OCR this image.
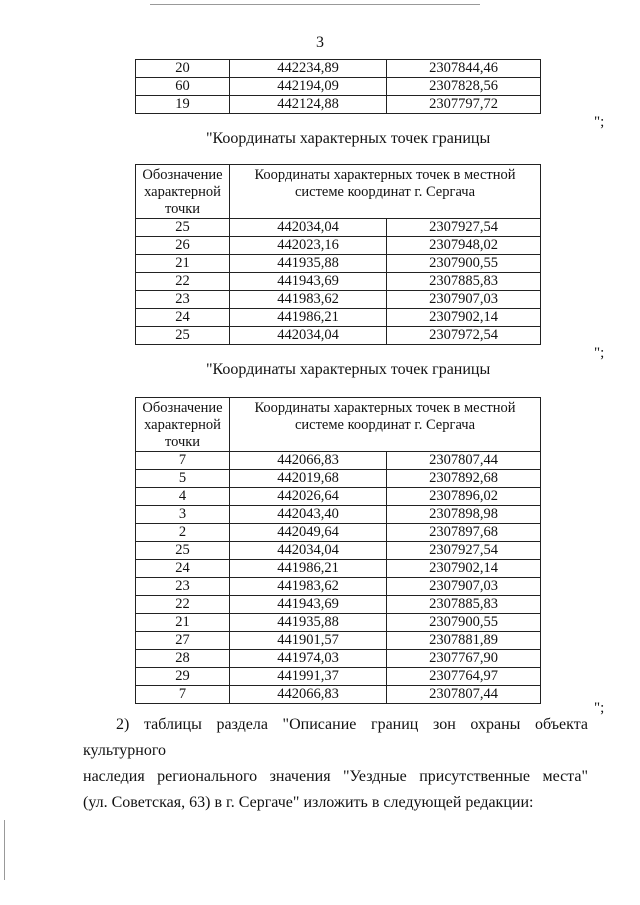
3
20	442234,89	2307844,46
60	442194,09	2307828,56
19	442124,88	2307797,72
";
"Координаты характерных точек границы
Обозначение характерной точки	Координаты характерных точек в местной системе координат г. Сергача	
25	442034,04	2307927,54
26	442023,16	2307948,02
21	441935,88	2307900,55
22	441943,69	2307885,83
23	441983,62	2307907,03
24	441986,21	2307902,14
25	442034,04	2307972,54
";
"Координаты характерных точек границы
Обозначение характерной точки	Координаты характерных точек в местной системе координат г. Сергача	
7	442066,83	2307807,44
5	442019,68	2307892,68
4	442026,64	2307896,02
3	442043,40	2307898,98
2	442049,64	2307897,68
25	442034,04	2307927,54
24	441986,21	2307902,14
23	441983,62	2307907,03
22	441943,69	2307885,83
21	441935,88	2307900,55
27	441901,57	2307881,89
28	441974,03	2307767,90
29	441991,37	2307764,97
7	442066,83	2307807,44
";
2) таблицы раздела "Описание границ зон охраны объекта культурного
наследия регионального значения "Уездные присутственные места"
(ул. Советская, 63) в г. Сергаче" изложить в следующей редакции:
